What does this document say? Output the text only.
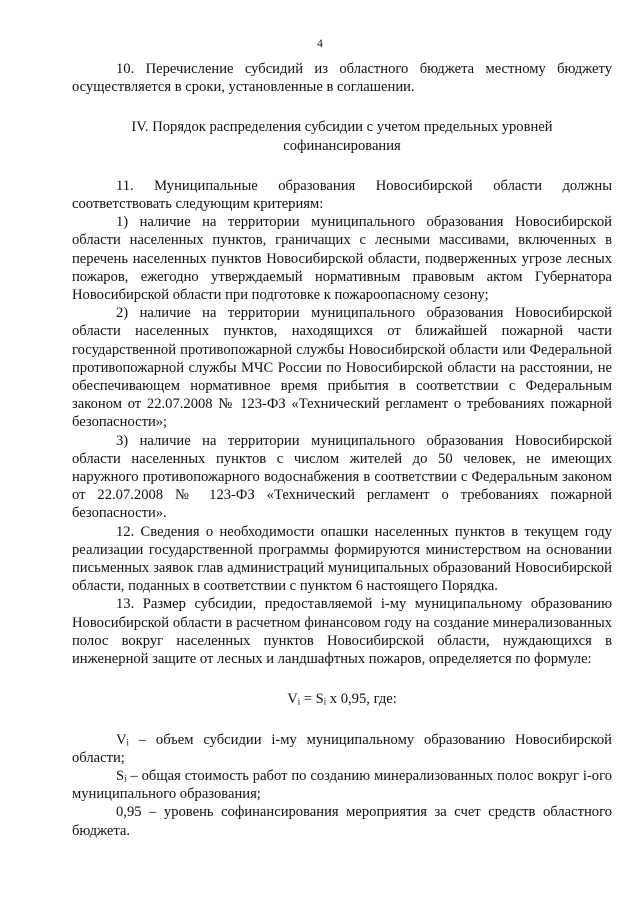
4

10. Перечисление субсидий из областного бюджета местному бюджету осуществляется в сроки, установленные в соглашении.

IV. Порядок распределения субсидии с учетом предельных уровней софинансирования

11. Муниципальные образования Новосибирской области должны соответствовать следующим критериям:

1) наличие на территории муниципального образования Новосибирской области населенных пунктов, граничащих с лесными массивами, включенных в перечень населенных пунктов Новосибирской области, подверженных угрозе лесных пожаров, ежегодно утверждаемый нормативным правовым актом Губернатора Новосибирской области при подготовке к пожароопасному сезону;

2) наличие на территории муниципального образования Новосибирской области населенных пунктов, находящихся от ближайшей пожарной части государственной противопожарной службы Новосибирской области или Федеральной противопожарной службы МЧС России по Новосибирской области на расстоянии, не обеспечивающем нормативное время прибытия в соответствии с Федеральным законом от 22.07.2008 № 123-ФЗ «Технический регламент о требованиях пожарной безопасности»;

3) наличие на территории муниципального образования Новосибирской области населенных пунктов с числом жителей до 50 человек, не имеющих наружного противопожарного водоснабжения в соответствии с Федеральным законом от 22.07.2008 № 123-ФЗ «Технический регламент о требованиях пожарной безопасности».

12. Сведения о необходимости опашки населенных пунктов в текущем году реализации государственной программы формируются министерством на основании письменных заявок глав администраций муниципальных образований Новосибирской области, поданных в соответствии с пунктом 6 настоящего Порядка.

13. Размер субсидии, предоставляемой i-му муниципальному образованию Новосибирской области в расчетном финансовом году на создание минерализованных полос вокруг населенных пунктов Новосибирской области, нуждающихся в инженерной защите от лесных и ландшафтных пожаров, определяется по формуле:

Vᵢ = Sᵢ x 0,95, где:

Vᵢ – объем субсидии i-му муниципальному образованию Новосибирской области;

Sᵢ – общая стоимость работ по созданию минерализованных полос вокруг i-ого муниципального образования;

0,95 – уровень софинансирования мероприятия за счет средств областного бюджета.
